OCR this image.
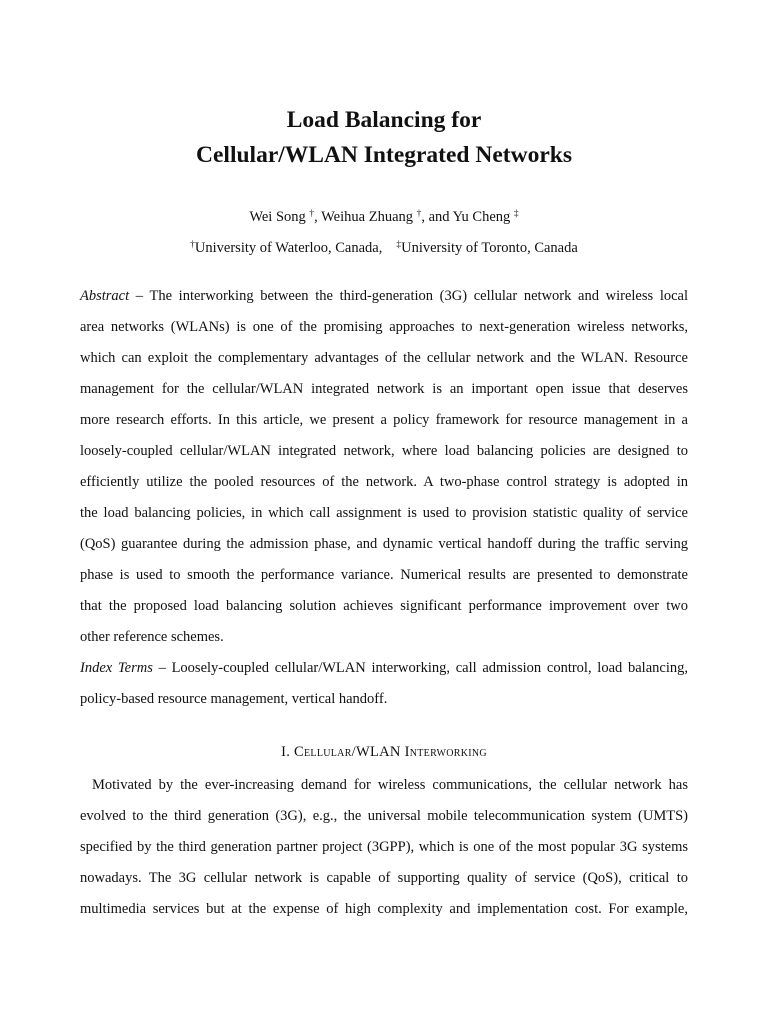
Load Balancing for
Cellular/WLAN Integrated Networks
Wei Song †, Weihua Zhuang †, and Yu Cheng ‡
†University of Waterloo, Canada, ‡University of Toronto, Canada
Abstract – The interworking between the third-generation (3G) cellular network and wireless local
area networks (WLANs) is one of the promising approaches to next-generation wireless networks,
which can exploit the complementary advantages of the cellular network and the WLAN. Resource
management for the cellular/WLAN integrated network is an important open issue that deserves
more research efforts. In this article, we present a policy framework for resource management in a
loosely-coupled cellular/WLAN integrated network, where load balancing policies are designed to
efficiently utilize the pooled resources of the network. A two-phase control strategy is adopted in
the load balancing policies, in which call assignment is used to provision statistic quality of service
(QoS) guarantee during the admission phase, and dynamic vertical handoff during the traffic serving
phase is used to smooth the performance variance. Numerical results are presented to demonstrate
that the proposed load balancing solution achieves significant performance improvement over two
other reference schemes.
Index Terms – Loosely-coupled cellular/WLAN interworking, call admission control, load balancing,
policy-based resource management, vertical handoff.
I. Cellular/WLAN Interworking
Motivated by the ever-increasing demand for wireless communications, the cellular network has
evolved to the third generation (3G), e.g., the universal mobile telecommunication system (UMTS)
specified by the third generation partner project (3GPP), which is one of the most popular 3G systems
nowadays. The 3G cellular network is capable of supporting quality of service (QoS), critical to
multimedia services but at the expense of high complexity and implementation cost. For example,
